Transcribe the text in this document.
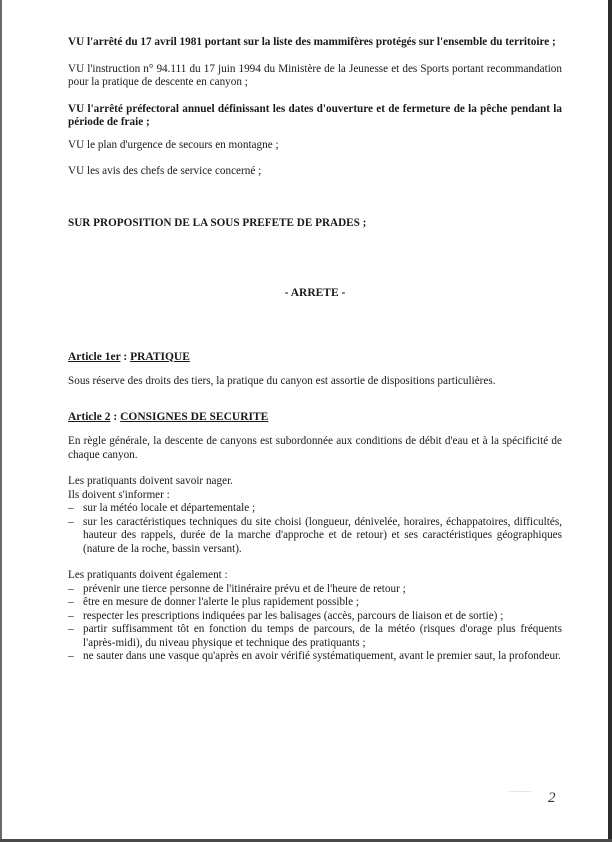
VU l'arrêté du 17 avril 1981 portant sur la liste des mammifères protégés sur l'ensemble du territoire ;

VU l'instruction n° 94.111 du 17 juin 1994 du Ministère de la Jeunesse et des Sports portant recommandation pour la pratique de descente en canyon ;

VU l'arrêté préfectoral annuel définissant les dates d'ouverture et de fermeture de la pêche pendant la période de fraie ;

VU le plan d'urgence de secours en montagne ;

VU les avis des chefs de service concerné ;

SUR PROPOSITION DE LA SOUS PREFETE DE PRADES ;

- ARRETE -

Article 1er : PRATIQUE

Sous réserve des droits des tiers, la pratique du canyon est assortie de dispositions particulières.

Article 2 : CONSIGNES DE SECURITE

En règle générale, la descente de canyons est subordonnée aux conditions de débit d'eau et à la spécificité de chaque canyon.

Les pratiquants doivent savoir nager.

Ils doivent s'informer :

– sur la météo locale et départementale ;
– sur les caractéristiques techniques du site choisi (longueur, dénivelée, horaires, échappatoires, difficultés, hauteur des rappels, durée de la marche d'approche et de retour) et ses caractéristiques géographiques (nature de la roche, bassin versant).

Les pratiquants doivent également :

– prévenir une tierce personne de l'itinéraire prévu et de l'heure de retour ;
– être en mesure de donner l'alerte le plus rapidement possible ;
– respecter les prescriptions indiquées par les balisages (accès, parcours de liaison et de sortie) ;
– partir suffisamment tôt en fonction du temps de parcours, de la météo (risques d'orage plus fréquents l'après-midi), du niveau physique et technique des pratiquants ;
– ne sauter dans une vasque qu'après en avoir vérifié systématiquement, avant le premier saut, la profondeur.
‥‥‥‥‥‥‥ 2
